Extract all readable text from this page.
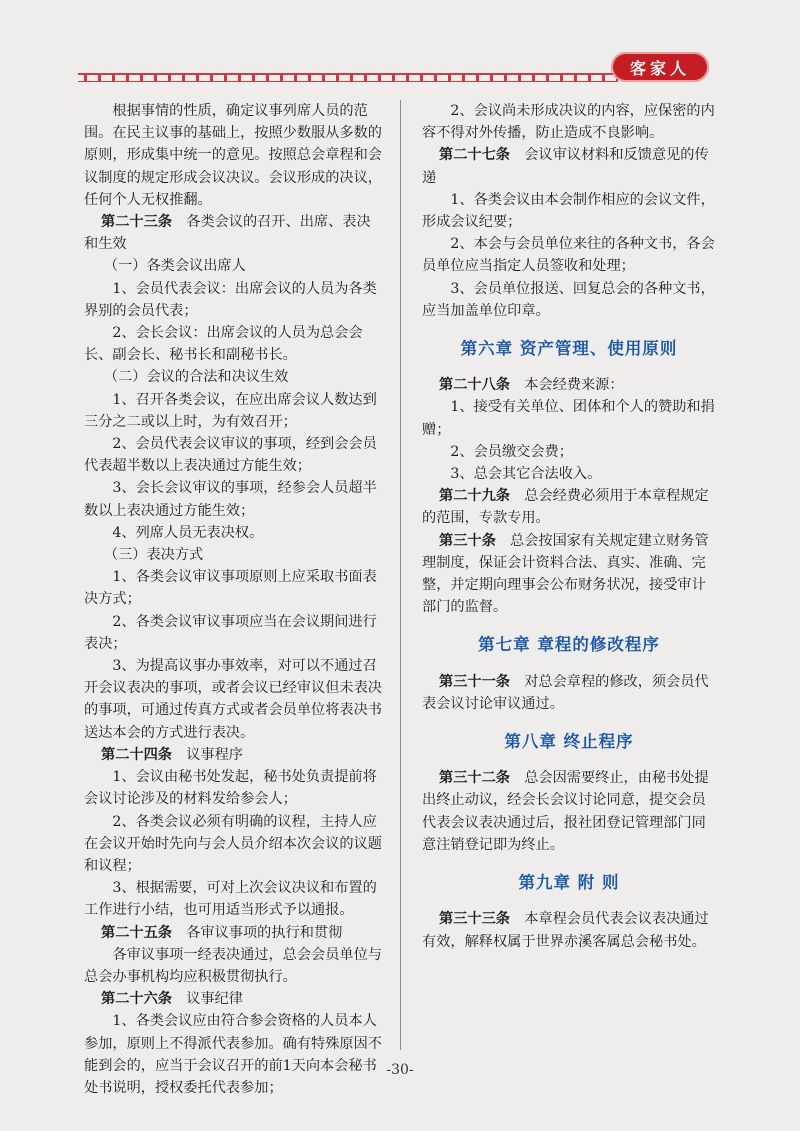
客家人

根据事情的性质，确定议事列席人员的范围。在民主议事的基础上，按照少数服从多数的原则，形成集中统一的意见。按照总会章程和会议制度的规定形成会议决议。会议形成的决议，任何个人无权推翻。

第二十三条　 各类会议的召开、出席、表决和生效

（一）各类会议出席人

1、会员代表会议：出席会议的人员为各类界别的会员代表；

2、会长会议：出席会议的人员为总会会长、副会长、秘书长和副秘书长。

（二）会议的合法和决议生效

1、召开各类会议，在应出席会议人数达到三分之二或以上时，为有效召开；

2、会员代表会议审议的事项，经到会会员代表超半数以上表决通过方能生效；

3、会长会议审议的事项，经参会人员超半数以上表决通过方能生效；

4、列席人员无表决权。

（三）表决方式

1、各类会议审议事项原则上应采取书面表决方式；

2、各类会议审议事项应当在会议期间进行表决；

3、为提高议事办事效率，对可以不通过召开会议表决的事项，或者会议已经审议但未表决的事项，可通过传真方式或者会员单位将表决书送达本会的方式进行表决。

第二十四条　 议事程序

1、会议由秘书处发起，秘书处负责提前将会议讨论涉及的材料发给参会人；

2、各类会议必须有明确的议程，主持人应在会议开始时先向与会人员介绍本次会议的议题和议程；

3、根据需要，可对上次会议决议和布置的工作进行小结，也可用适当形式予以通报。

第二十五条　 各审议事项的执行和贯彻

各审议事项一经表决通过，总会会员单位与总会办事机构均应积极贯彻执行。

第二十六条　 议事纪律

1、各类会议应由符合参会资格的人员本人参加，原则上不得派代表参加。确有特殊原因不能到会的，应当于会议召开的前1天向本会秘书处书说明，授权委托代表参加；

2、会议尚未形成决议的内容，应保密的内容不得对外传播，防止造成不良影响。

第二十七条　 会议审议材料和反馈意见的传递

1、各类会议由本会制作相应的会议文件，形成会议纪要；

2、本会与会员单位来往的各种文书，各会员单位应当指定人员签收和处理；

3、会员单位报送、回复总会的各种文书，应当加盖单位印章。

第六章 资产管理、使用原则

第二十八条　 本会经费来源：

1、接受有关单位、团体和个人的赞助和捐赠；

2、会员缴交会费；

3、总会其它合法收入。

第二十九条　 总会经费必须用于本章程规定的范围，专款专用。

第三十条　 总会按国家有关规定建立财务管理制度，保证会计资料合法、真实、准确、完整，并定期向理事会公布财务状况，接受审计部门的监督。

第七章 章程的修改程序

第三十一条　 对总会章程的修改，须会员代表会议讨论审议通过。

第八章 终止程序

第三十二条　 总会因需要终止，由秘书处提出终止动议，经会长会议讨论同意，提交会员代表会议表决通过后，报社团登记管理部门同意注销登记即为终止。

第九章 附 则

第三十三条　 本章程会员代表会议表决通过有效，解释权属于世界赤溪客属总会秘书处。

-30-
